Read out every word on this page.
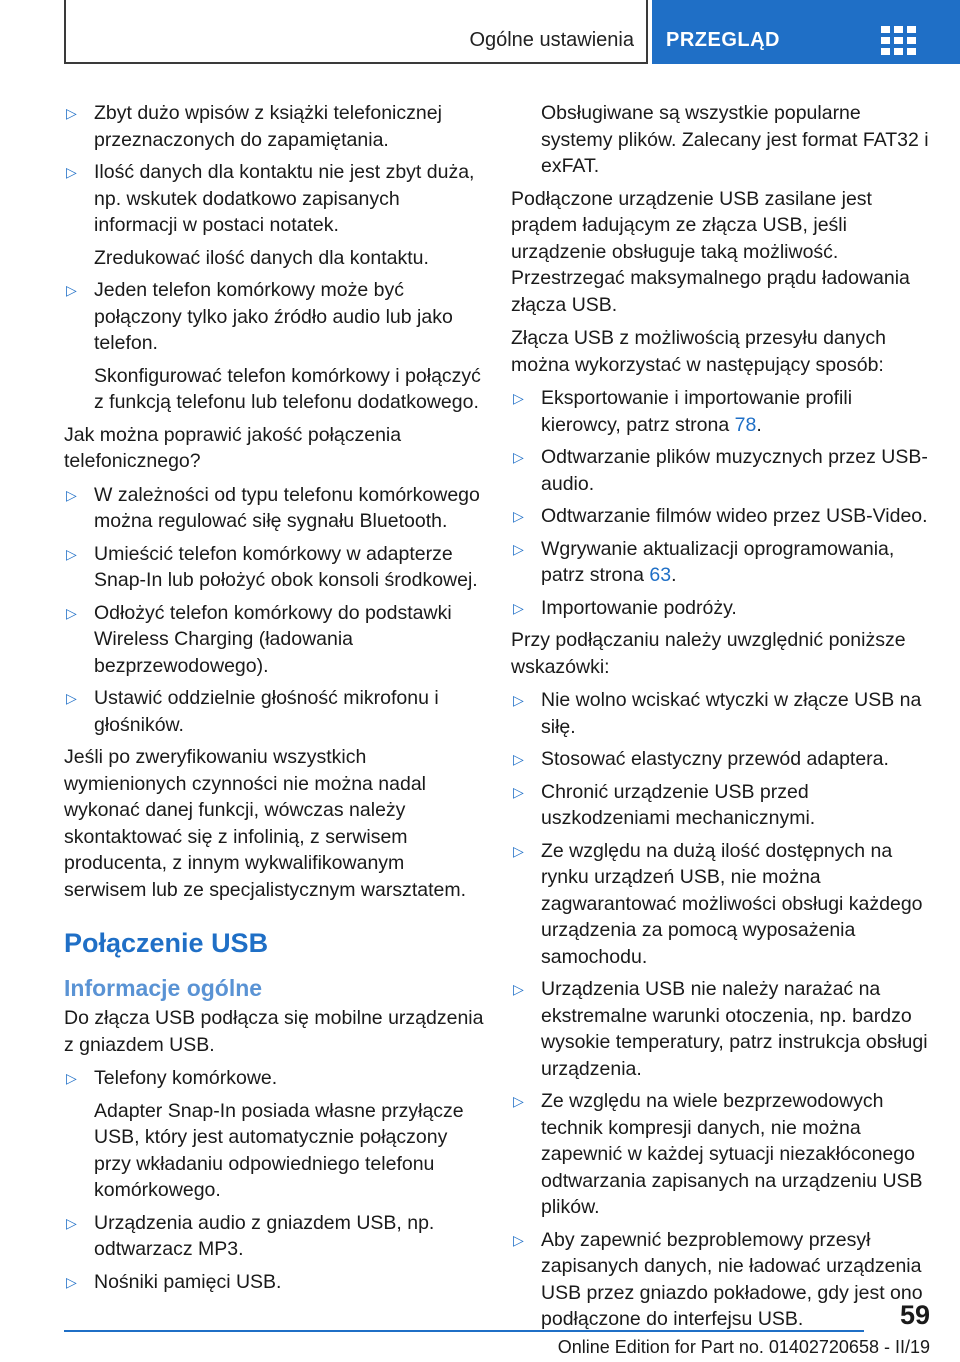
Ogólne ustawienia PRZEGLĄD
▷ Zbyt dużo wpisów z książki telefonicznej przeznaczonych do zapamiętania.
▷ Ilość danych dla kontaktu nie jest zbyt duża, np. wskutek dodatkowo zapisanych informacji w postaci notatek.
Zredukować ilość danych dla kontaktu.
▷ Jeden telefon komórkowy może być połączony tylko jako źródło audio lub jako telefon.
Skonfigurować telefon komórkowy i połączyć z funkcją telefonu lub telefonu dodatkowego.

Jak można poprawić jakość połączenia telefonicznego?

▷ W zależności od typu telefonu komórkowego można regulować siłę sygnału Bluetooth.
▷ Umieścić telefon komórkowy w adapterze Snap-In lub położyć obok konsoli środkowej.
▷ Odłożyć telefon komórkowy do podstawki Wireless Charging (ładowania bezprzewodowego).
▷ Ustawić oddzielnie głośność mikrofonu i głośników.

Jeśli po zweryfikowaniu wszystkich wymienionych czynności nie można nadal wykonać danej funkcji, wówczas należy skontaktować się z infolinią, z serwisem producenta, z innym wykwalifikowanym serwisem lub ze specjalistycznym warsztatem.

Połączenie USB
Informacje ogólne

Do złącza USB podłącza się mobilne urządzenia z gniazdem USB.

▷ Telefony komórkowe.
Adapter Snap-In posiada własne przyłącze USB, który jest automatycznie połączony przy wkładaniu odpowiedniego telefonu komórkowego.
▷ Urządzenia audio z gniazdem USB, np. odtwarzacz MP3.
▷ Nośniki pamięci USB.
Obsługiwane są wszystkie popularne systemy plików. Zalecany jest format FAT32 i exFAT.

Podłączone urządzenie USB zasilane jest prądem ładującym ze złącza USB, jeśli urządzenie obsługuje taką możliwość. Przestrzegać maksymalnego prądu ładowania złącza USB.

Złącza USB z możliwością przesyłu danych można wykorzystać w następujący sposób:

▷ Eksportowanie i importowanie profili kierowcy, patrz strona 78.
▷ Odtwarzanie plików muzycznych przez USB-audio.
▷ Odtwarzanie filmów wideo przez USB-Video.
▷ Wgrywanie aktualizacji oprogramowania, patrz strona 63.
▷ Importowanie podróży.

Przy podłączaniu należy uwzględnić poniższe wskazówki:

▷ Nie wolno wciskać wtyczki w złącze USB na siłę.
▷ Stosować elastyczny przewód adaptera.
▷ Chronić urządzenie USB przed uszkodzeniami mechanicznymi.
▷ Ze względu na dużą ilość dostępnych na rynku urządzeń USB, nie można zagwarantować możliwości obsługi każdego urządzenia za pomocą wyposażenia samochodu.
▷ Urządzenia USB nie należy narażać na ekstremalne warunki otoczenia, np. bardzo wysokie temperatury, patrz instrukcja obsługi urządzenia.
▷ Ze względu na wiele bezprzewodowych technik kompresji danych, nie można zapewnić w każdej sytuacji niezakłóconego odtwarzania zapisanych na urządzeniu USB plików.
▷ Aby zapewnić bezproblemowy przesył zapisanych danych, nie ładować urządzenia USB przez gniazdo pokładowe, gdy jest ono podłączone do interfejsu USB.	59
Online Edition for Part no. 01402720658 - II/19
